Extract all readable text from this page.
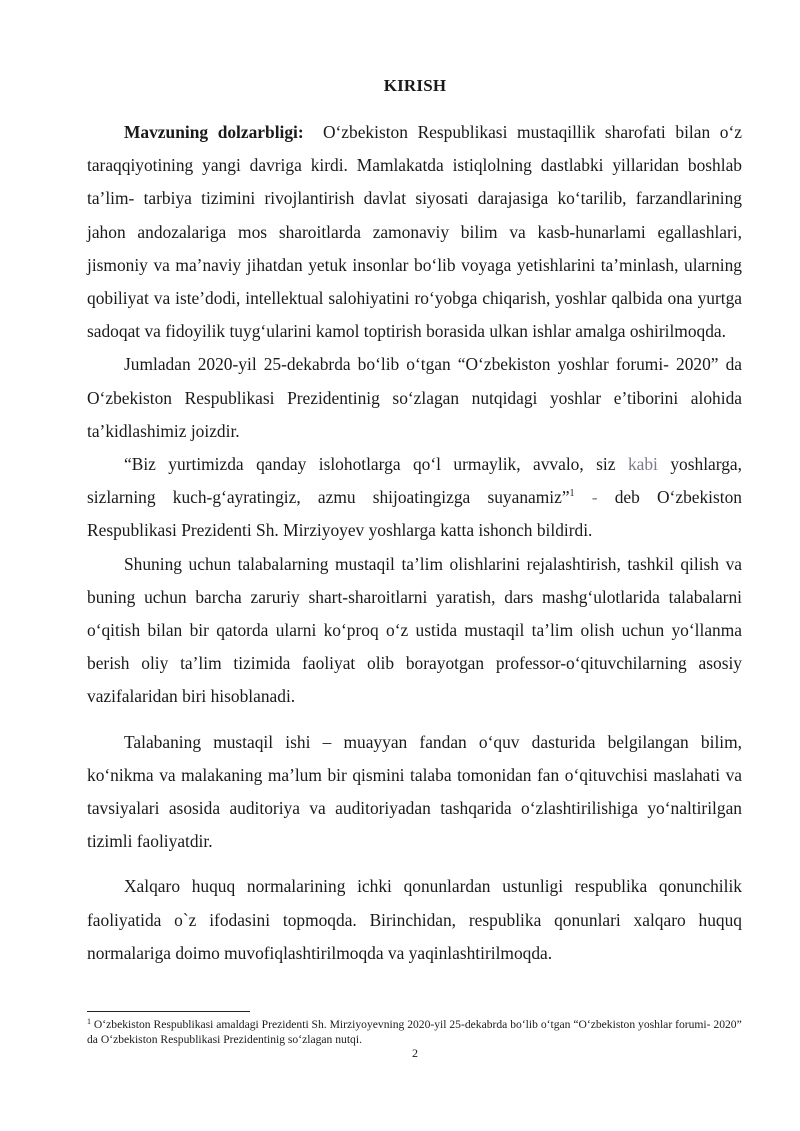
KIRISH

Mavzuning dolzarbligi: O‘zbekiston Respublikasi mustaqillik sharofati bilan o‘z taraqqiyotining yangi davriga kirdi. Mamlakatda istiqlolning dastlabki yillaridan boshlab ta’lim- tarbiya tizimini rivojlantirish davlat siyosati darajasiga ko‘tarilib, farzandlarining jahon andozalariga mos sharoitlarda zamonaviy bilim va kasb-hunarlami egallashlari, jismoniy va ma’naviy jihatdan yetuk insonlar bo‘lib voyaga yetishlarini ta’minlash, ularning qobiliyat va iste’dodi, intellektual salohiyatini ro‘yobga chiqarish, yoshlar qalbida ona yurtga sadoqat va fidoyilik tuyg‘ularini kamol toptirish borasida ulkan ishlar amalga oshirilmoqda.

Jumladan 2020-yil 25-dekabrda bo‘lib o‘tgan “O‘zbekiston yoshlar forumi- 2020” da O‘zbekiston Respublikasi Prezidentinig so‘zlagan nutqidagi yoshlar e’tiborini alohida ta’kidlashimiz joizdir.

“Biz yurtimizda qanday islohotlarga qo‘l urmaylik, avvalo, siz kabi yoshlarga, sizlarning kuch-g‘ayratingiz, azmu shijoatingizga suyanamiz”$^1$ - deb O‘zbekiston Respublikasi Prezidenti Sh. Mirziyoyev yoshlarga katta ishonch bildirdi.

Shuning uchun talabalarning mustaqil ta’lim olishlarini rejalashtirish, tashkil qilish va buning uchun barcha zaruriy shart-sharoitlarni yaratish, dars mashg‘ulotlarida talabalarni o‘qitish bilan bir qatorda ularni ko‘proq o‘z ustida mustaqil ta’lim olish uchun yo‘llanma berish oliy ta’lim tizimida faoliyat olib borayotgan professor-o‘qituvchilarning asosiy vazifalaridan biri hisoblanadi.

Talabaning mustaqil ishi – muayyan fandan o‘quv dasturida belgilangan bilim, ko‘nikma va malakaning ma’lum bir qismini talaba tomonidan fan o‘qituvchisi maslahati va tavsiyalari asosida auditoriya va auditoriyadan tashqarida o‘zlashtirilishiga yo‘naltirilgan tizimli faoliyatdir.

Xalqaro huquq normalarining ichki qonunlardan ustunligi respublika qonunchilik faoliyatida o`z ifodasini topmoqda. Birinchidan, respublika qonunlari xalqaro huquq normalariga doimo muvofiqlashtirilmoqda va yaqinlashtirilmoqda.

$^1$ O‘zbekiston Respublikasi amaldagi Prezidenti Sh. Mirziyoyevning 2020-yil 25-dekabrda bo‘lib o‘tgan “O‘zbekiston yoshlar forumi- 2020” da O‘zbekiston Respublikasi Prezidentinig so‘zlagan nutqi.
2
